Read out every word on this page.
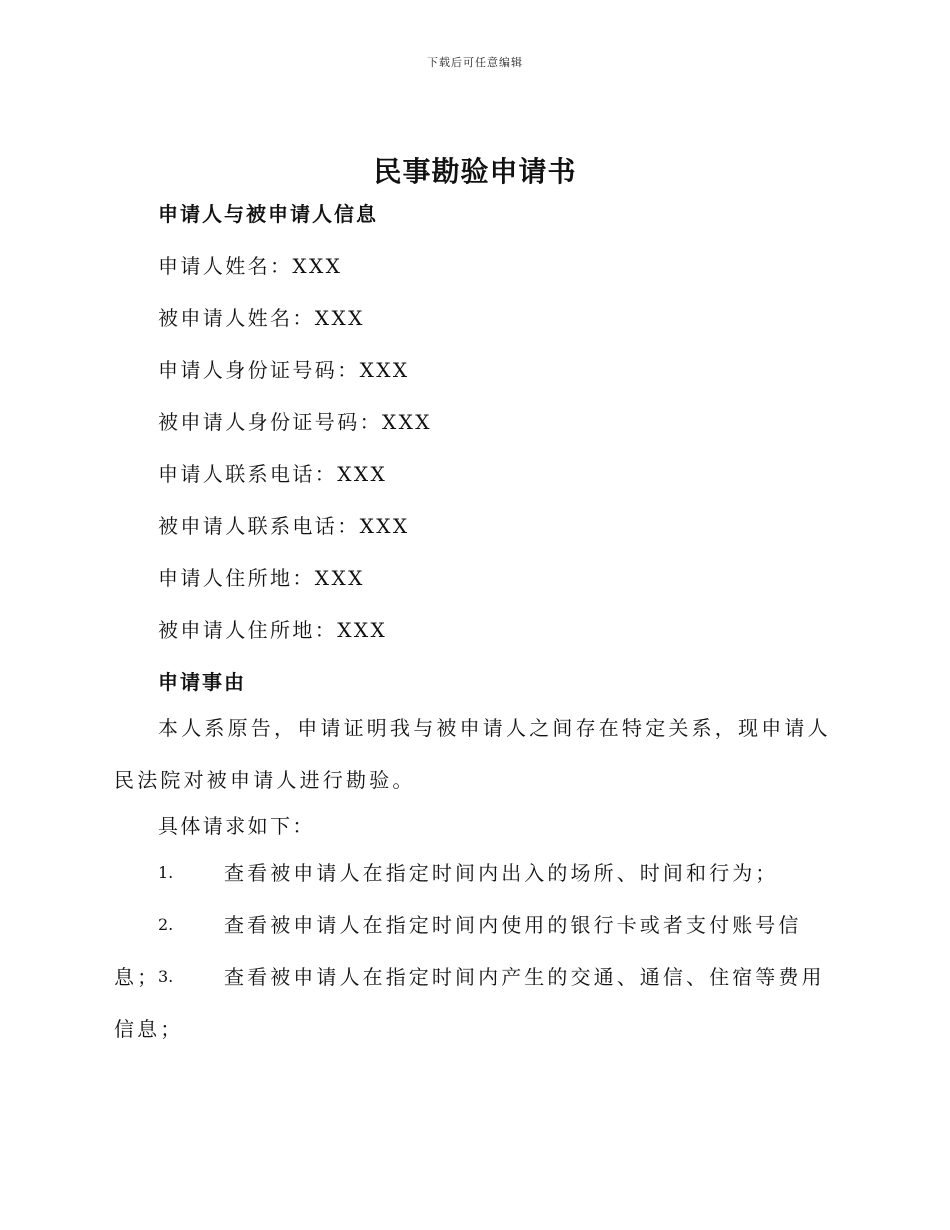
下载后可任意编辑
民事勘验申请书

申请人与被申请人信息

申请人姓名：XXX

被申请人姓名：XXX

申请人身份证号码：XXX

被申请人身份证号码：XXX

申请人联系电话：XXX

被申请人联系电话：XXX

申请人住所地：XXX

被申请人住所地：XXX

申请事由

本人系原告，申请证明我与被申请人之间存在特定关系，现申请人民法院对被申请人进行勘验。

具体请求如下：

1.	查看被申请人在指定时间内出入的场所、时间和行为；
2.	查看被申请人在指定时间内使用的银行卡或者支付账号信息；
3.	查看被申请人在指定时间内产生的交通、通信、住宿等费用信息；
